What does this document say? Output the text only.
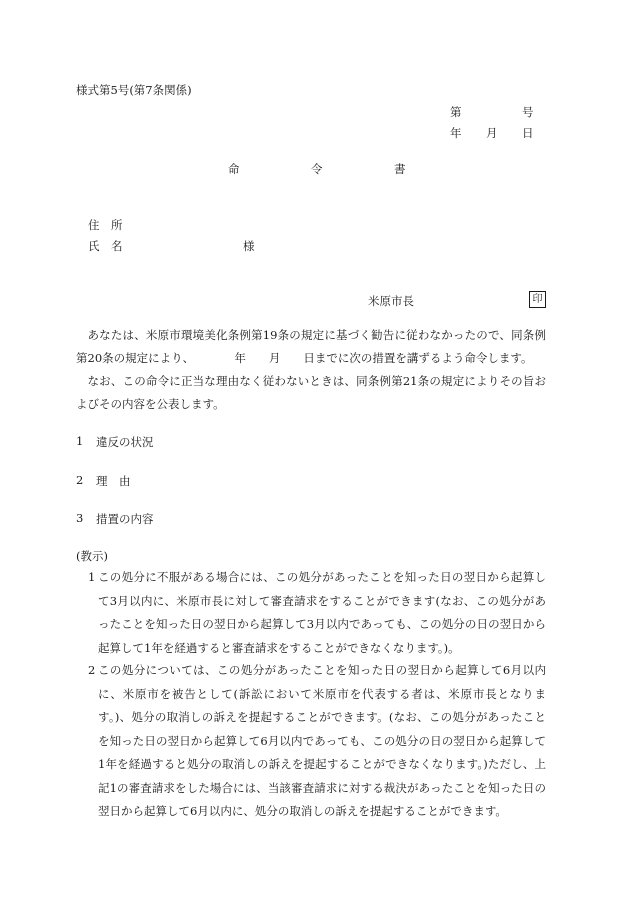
様式第5号(第7条関係)
第	号
年 月 日
命	令	書
住　所
氏　名	様
米原市長	印
あなたは、米原市環境美化条例第19条の規定に基づく勧告に従わなかったので、同条例第20条の規定により、　　　　年　　月　　日までに次の措置を講ずるよう命令します。
なお、この命令に正当な理由なく従わないときは、同条例第21条の規定によりその旨およびその内容を公表します。
1 違反の状況
2 理　由
3 措置の内容
(教示)
1 この処分に不服がある場合には、この処分があったことを知った日の翌日から起算して3月以内に、米原市長に対して審査請求をすることができます(なお、この処分があったことを知った日の翌日から起算して3月以内であっても、この処分の日の翌日から起算して1年を経過すると審査請求をすることができなくなります。)。
2 この処分については、この処分があったことを知った日の翌日から起算して6月以内に、米原市を被告として(訴訟において米原市を代表する者は、米原市長となります。)、処分の取消しの訴えを提起することができます。(なお、この処分があったことを知った日の翌日から起算して6月以内であっても、この処分の日の翌日から起算して1年を経過すると処分の取消しの訴えを提起することができなくなります。)ただし、上記1の審査請求をした場合には、当該審査請求に対する裁決があったことを知った日の翌日から起算して6月以内に、処分の取消しの訴えを提起することができます。
